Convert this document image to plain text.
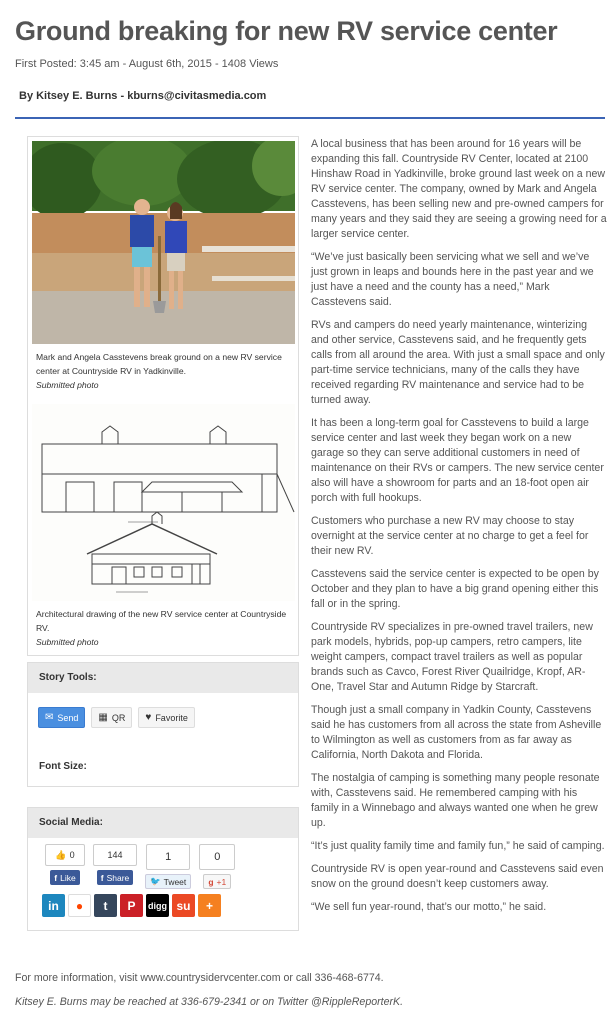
Ground breaking for new RV service center
First Posted: 3:45 am - August 6th, 2015 - 1408 Views
By Kitsey E. Burns - kburns@civitasmedia.com
Mark and Angela Casstevens break ground on a new RV service center at Countryside RV in Yadkinville.
Submitted photo
Architectural drawing of the new RV service center at Countryside RV.
Submitted photo
Story Tools:
✉ Send ▦ QR ♥ Favorite
Font Size:
Social Media:
👍 0
f Like
144
f Share
1
🐦 Tweet
0
g +1
in	●	t	P	digg su	+

A local business that has been around for 16 years will be expanding this fall. Countryside RV Center, located at 2100 Hinshaw Road in Yadkinville, broke ground last week on a new RV service center. The company, owned by Mark and Angela Casstevens, has been selling new and pre-owned campers for many years and they said they are seeing a growing need for a larger service center.

“We’ve just basically been servicing what we sell and we’ve just grown in leaps and bounds here in the past year and we just have a need and the county has a need,” Mark Casstevens said.

RVs and campers do need yearly maintenance, winterizing and other service, Casstevens said, and he frequently gets calls from all around the area. With just a small space and only part-time service technicians, many of the calls they have received regarding RV maintenance and service had to be turned away.

It has been a long-term goal for Casstevens to build a large service center and last week they began work on a new garage so they can serve additional customers in need of maintenance on their RVs or campers. The new service center also will have a showroom for parts and an 18-foot open air porch with full hookups.

Customers who purchase a new RV may choose to stay overnight at the service center at no charge to get a feel for their new RV.

Casstevens said the service center is expected to be open by October and they plan to have a big grand opening either this fall or in the spring.

Countryside RV specializes in pre-owned travel trailers, new park models, hybrids, pop-up campers, retro campers, lite weight campers, compact travel trailers as well as popular brands such as Cavco, Forest River Quailridge, Kropf, AR-One, Travel Star and Autumn Ridge by Starcraft.

Though just a small company in Yadkin County, Casstevens said he has customers from all across the state from Asheville to Wilmington as well as customers from as far away as California, North Dakota and Florida.

The nostalgia of camping is something many people resonate with, Casstevens said. He remembered camping with his family in a Winnebago and always wanted one when he grew up.

“It’s just quality family time and family fun,” he said of camping.

Countryside RV is open year-round and Casstevens said even snow on the ground doesn’t keep customers away.

“We sell fun year-round, that’s our motto,” he said.

For more information, visit www.countrysidervcenter.com or call 336-468-6774.
Kitsey E. Burns may be reached at 336-679-2341 or on Twitter @RippleReporterK.
